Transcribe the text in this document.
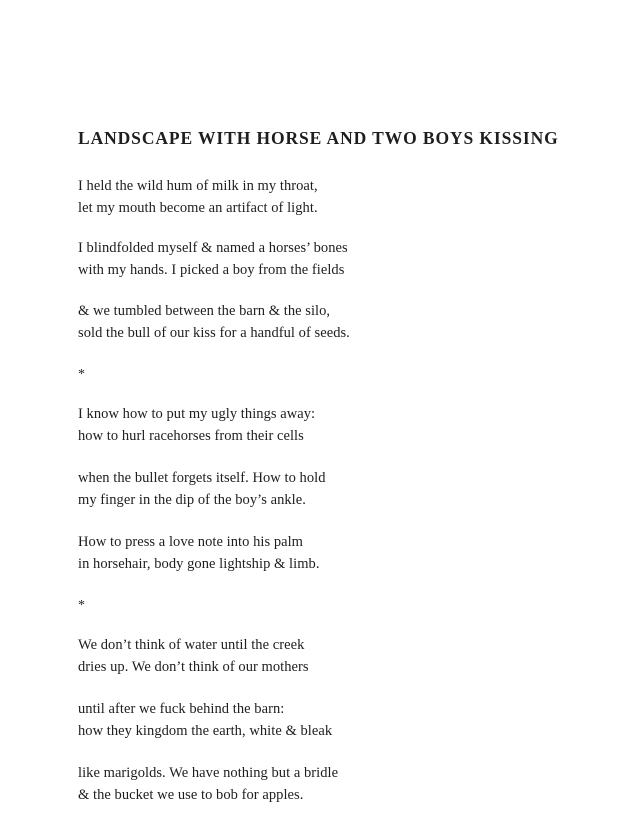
LANDSCAPE WITH HORSE AND TWO BOYS KISSING
I held the wild hum of milk in my throat,
let my mouth become an artifact of light.
I blindfolded myself & named a horses’ bones
with my hands. I picked a boy from the fields
& we tumbled between the barn & the silo,
sold the bull of our kiss for a handful of seeds.
*
I know how to put my ugly things away:
how to hurl racehorses from their cells
when the bullet forgets itself. How to hold
my finger in the dip of the boy’s ankle.
How to press a love note into his palm
in horsehair, body gone lightship & limb.
*
We don’t think of water until the creek
dries up. We don’t think of our mothers
until after we fuck behind the barn:
how they kingdom the earth, white & bleak
like marigolds. We have nothing but a bridle
& the bucket we use to bob for apples.
